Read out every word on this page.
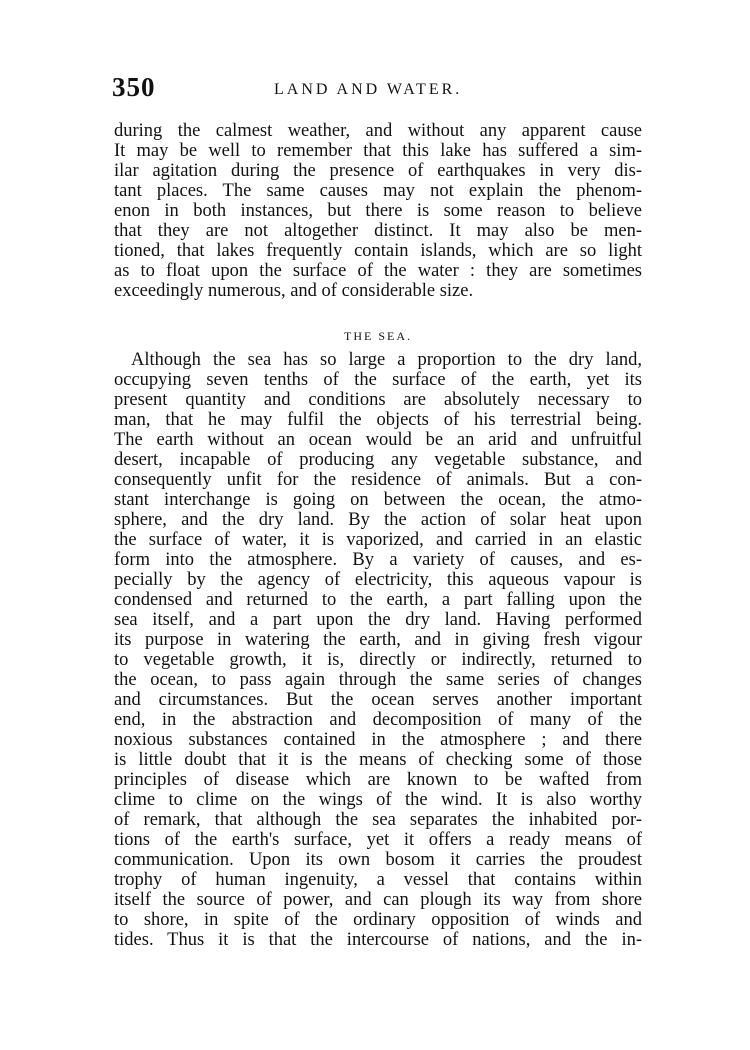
350	LAND AND WATER.
during the calmest weather, and without any apparent cause
It may be well to remember that this lake has suffered a sim-
ilar agitation during the presence of earthquakes in very dis-
tant places. The same causes may not explain the phenom-
enon in both instances, but there is some reason to believe
that they are not altogether distinct. It may also be men-
tioned, that lakes frequently contain islands, which are so light
as to float upon the surface of the water : they are sometimes
exceedingly numerous, and of considerable size.
THE SEA.
Although the sea has so large a proportion to the dry land,
occupying seven tenths of the surface of the earth, yet its
present quantity and conditions are absolutely necessary to
man, that he may fulfil the objects of his terrestrial being.
The earth without an ocean would be an arid and unfruitful
desert, incapable of producing any vegetable substance, and
consequently unfit for the residence of animals. But a con-
stant interchange is going on between the ocean, the atmo-
sphere, and the dry land. By the action of solar heat upon
the surface of water, it is vaporized, and carried in an elastic
form into the atmosphere. By a variety of causes, and es-
pecially by the agency of electricity, this aqueous vapour is
condensed and returned to the earth, a part falling upon the
sea itself, and a part upon the dry land. Having performed
its purpose in watering the earth, and in giving fresh vigour
to vegetable growth, it is, directly or indirectly, returned to
the ocean, to pass again through the same series of changes
and circumstances. But the ocean serves another important
end, in the abstraction and decomposition of many of the
noxious substances contained in the atmosphere ; and there
is little doubt that it is the means of checking some of those
principles of disease which are known to be wafted from
clime to clime on the wings of the wind. It is also worthy
of remark, that although the sea separates the inhabited por-
tions of the earth's surface, yet it offers a ready means of
communication. Upon its own bosom it carries the proudest
trophy of human ingenuity, a vessel that contains within
itself the source of power, and can plough its way from shore
to shore, in spite of the ordinary opposition of winds and
tides. Thus it is that the intercourse of nations, and the in-
